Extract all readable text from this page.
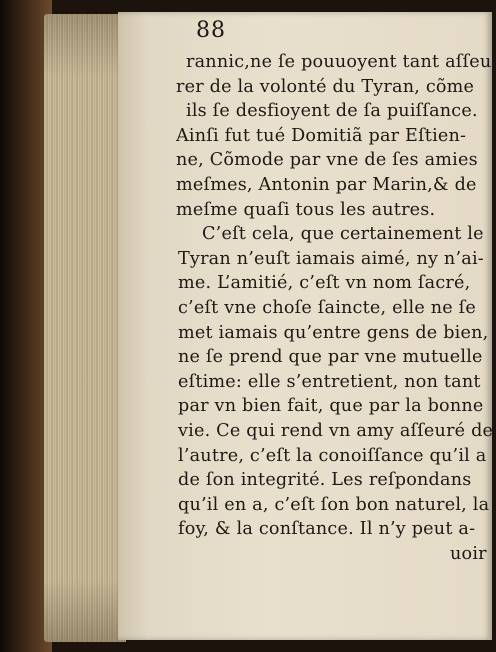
88
rannic,ne ſe pouuoyent tant aſſeu
rer de la volonté du Tyran, cõme
ils ſe desfioyent de ſa puiſſance.
Ainſi fut tué Domitiã par Eſtien-
ne, Cõmode par vne de ſes amies
meſmes, Antonin par Marin,& de
meſme quaſi tous les autres.
C’eſt cela, que certainement le
Tyran n’euſt iamais aimé, ny n’ai-
me. L’amitié, c’eſt vn nom ſacré,
c’eſt vne choſe ſaincte, elle ne ſe
met iamais qu’entre gens de bien,
ne ſe prend que par vne mutuelle
eſtime: elle s’entretient, non tant
par vn bien fait, que par la bonne
vie. Ce qui rend vn amy aſſeuré de
l’autre, c’eſt la conoiſſance qu’il a
de ſon integrité. Les reſpondans
qu’il en a, c’eſt ſon bon naturel, la
foy, & la conſtance. Il n’y peut a-
uoir
